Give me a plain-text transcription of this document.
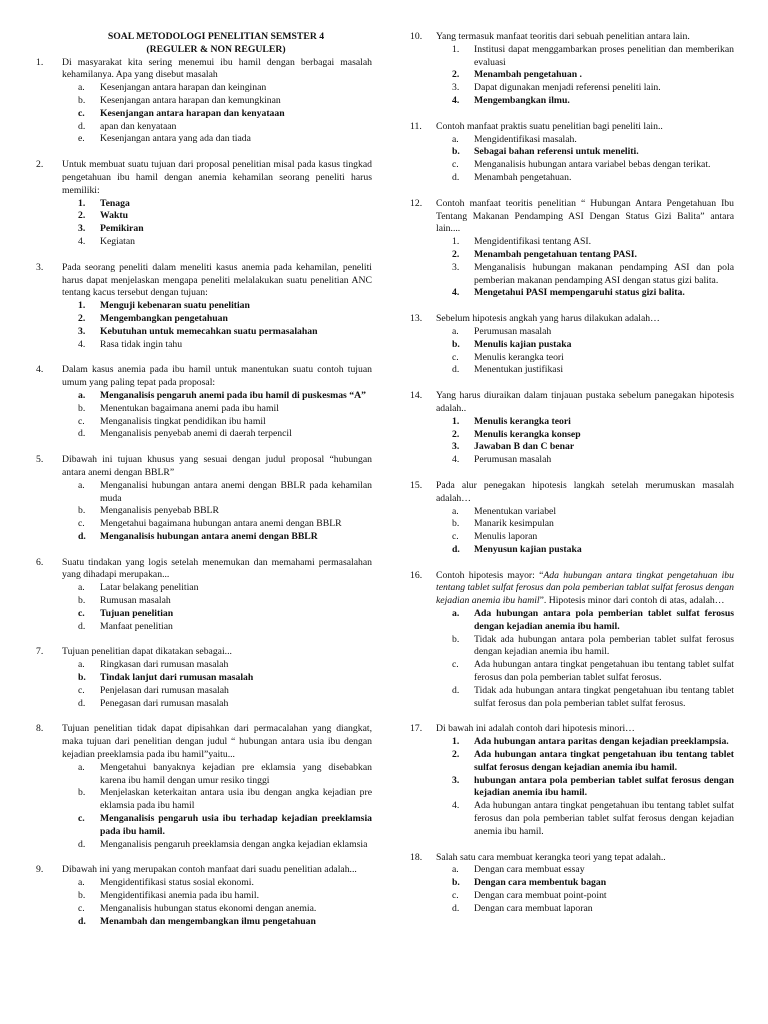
SOAL METODOLOGI PENELITIAN SEMSTER 4
(REGULER & NON REGULER)
1.	Di masyarakat kita sering menemui ibu hamil dengan berbagai masalah kehamilanya. Apa yang disebut masalah
a.	Kesenjangan antara harapan dan keinginan
b.	Kesenjangan antara harapan dan kemungkinan
c.	Kesenjangan antara harapan dan kenyataan
d.	apan dan kenyataan
e.	Kesenjangan antara yang ada dan tiada
2.	Untuk membuat suatu tujuan dari proposal penelitian misal pada kasus tingkad pengetahuan ibu hamil dengan anemia kehamilan seorang peneliti harus memiliki:
1.	Tenaga
2.	Waktu
3.	Pemikiran
4.	Kegiatan
3.	Pada seorang peneliti dalam meneliti kasus anemia pada kehamilan, peneliti harus dapat menjelaskan mengapa peneliti melalakukan suatu penelitian ANC tentang kacus tersebut dengan tujuan:
1.	Menguji kebenaran suatu penelitian
2.	Mengembangkan pengetahuan
3.	Kebutuhan untuk memecahkan suatu permasalahan
4.	Rasa tidak ingin tahu
4.	Dalam kasus anemia pada ibu hamil untuk manentukan suatu contoh tujuan umum yang paling tepat pada proposal:
a.	Menganalisis pengaruh anemi pada ibu hamil di puskesmas “A”
b.	Menentukan bagaimana anemi pada ibu hamil
c.	Menganalisis tingkat pendidikan ibu hamil
d.	Menganalisis penyebab anemi di daerah terpencil
5.	Dibawah ini tujuan khusus yang sesuai dengan judul proposal “hubungan antara anemi dengan BBLR”
a.	Menganalisi hubungan antara anemi dengan BBLR pada kehamilan muda
b.	Menganalisis penyebab BBLR
c.	Mengetahui bagaimana hubungan antara anemi dengan BBLR
d.	Menganalisis hubungan antara anemi dengan BBLR
6.	Suatu tindakan yang logis setelah menemukan dan memahami permasalahan yang dihadapi merupakan...
a.	Latar belakang penelitian
b.	Rumusan masalah
c.	Tujuan penelitian
d.	Manfaat penelitian
7.	Tujuan penelitian dapat dikatakan sebagai...
a.	Ringkasan dari rumusan masalah
b.	Tindak lanjut dari rumusan masalah
c.	Penjelasan dari rumusan masalah
d.	Penegasan dari rumusan masalah
8.	Tujuan penelitian tidak dapat dipisahkan dari permacalahan yang diangkat, maka tujuan dari penelitian dengan judul “ hubungan antara usia ibu dengan kejadian preeklamsia pada ibu hamil”yaitu...
a.	Mengetahui banyaknya kejadian pre eklamsia yang disebabkan karena ibu hamil dengan umur resiko tinggi
b.	Menjelaskan keterkaitan antara usia ibu dengan angka kejadian pre eklamsia pada ibu hamil
c.	Menganalisis pengaruh usia ibu terhadap kejadian preeklamsia pada ibu hamil.
d.	Menganalisis pengaruh preeklamsia dengan angka kejadian eklamsia
9.	Dibawah ini yang merupakan contoh manfaat dari suadu penelitian adalah...
a.	Mengidentifikasi status sosial ekonomi.
b.	Mengidentifikasi anemia pada ibu hamil.
c.	Menganalisis hubungan status ekonomi dengan anemia.
d.	Menambah dan mengembangkan ilmu pengetahuan
10.	Yang termasuk manfaat teoritis dari sebuah penelitian antara lain.
1.	Institusi dapat menggambarkan proses penelitian dan memberikan evaluasi
2.	Menambah pengetahuan .
3.	Dapat digunakan menjadi referensi peneliti lain.
4.	Mengembangkan ilmu.
11.	Contoh manfaat praktis suatu penelitian bagi peneliti lain..
a.	Mengidentifikasi masalah.
b.	Sebagai bahan referensi untuk meneliti.
c.	Menganalisis hubungan antara variabel bebas dengan terikat.
d.	Menambah pengetahuan.
12.	Contoh manfaat teoritis penelitian “ Hubungan Antara Pengetahuan Ibu Tentang Makanan Pendamping ASI Dengan Status Gizi Balita” antara lain....
1.	Mengidentifikasi tentang ASI.
2.	Menambah pengetahuan tentang PASI.
3.	Menganalisis hubungan makanan pendamping ASI dan pola pemberian makanan pendamping ASI dengan status gizi balita.
4.	Mengetahui PASI mempengaruhi status gizi balita.
13.	Sebelum hipotesis angkah yang harus dilakukan adalah…
a.	Perumusan masalah
b.	Menulis kajian pustaka
c.	Menulis kerangka teori
d.	Menentukan justifikasi
14.	Yang harus diuraikan dalam tinjauan pustaka sebelum panegakan hipotesis adalah..
1.	Menulis kerangka teori
2.	Menulis kerangka konsep
3.	Jawaban B dan C benar
4.	Perumusan masalah
15.	Pada alur penegakan hipotesis langkah setelah merumuskan masalah adalah…
a.	Menentukan variabel
b.	Manarik kesimpulan
c.	Menulis laporan
d.	Menyusun kajian pustaka
16.	Contoh hipotesis mayor: “Ada hubungan antara tingkat pengetahuan ibu tentang tablet sulfat ferosus dan pola pemberian tablat sulfat ferosus dengan kejadian anemia ibu hamil”. Hipotesis minor dari contoh di atas, adalah…
a.	Ada hubungan antara pola pemberian tablet sulfat ferosus dengan kejadian anemia ibu hamil.
b.	Tidak ada hubungan antara pola pemberian tablet sulfat ferosus dengan kejadian anemia ibu hamil.
c.	Ada hubungan antara tingkat pengetahuan ibu tentang tablet sulfat ferosus dan pola pemberian tablet sulfat ferosus.
d.	Tidak ada hubungan antara tingkat pengetahuan ibu tentang tablet sulfat ferosus dan pola pemberian tablet sulfat ferosus.
17.	Di bawah ini adalah contoh dari hipotesis minori…
1.	Ada hubungan antara paritas dengan kejadian preeklampsia.
2.	Ada hubungan antara tingkat pengetahuan ibu tentang tablet sulfat ferosus dengan kejadian anemia ibu hamil.
3.	hubungan antara pola pemberian tablet sulfat ferosus dengan kejadian anemia ibu hamil.
4.	Ada hubungan antara tingkat pengetahuan ibu tentang tablet sulfat ferosus dan pola pemberian tablet sulfat ferosus dengan kejadian anemia ibu hamil.
18.	Salah satu cara membuat kerangka teori yang tepat adalah..
a.	Dengan cara membuat essay
b.	Dengan cara membentuk bagan
c.	Dengan cara membuat point-point
d.	Dengan cara membuat laporan
